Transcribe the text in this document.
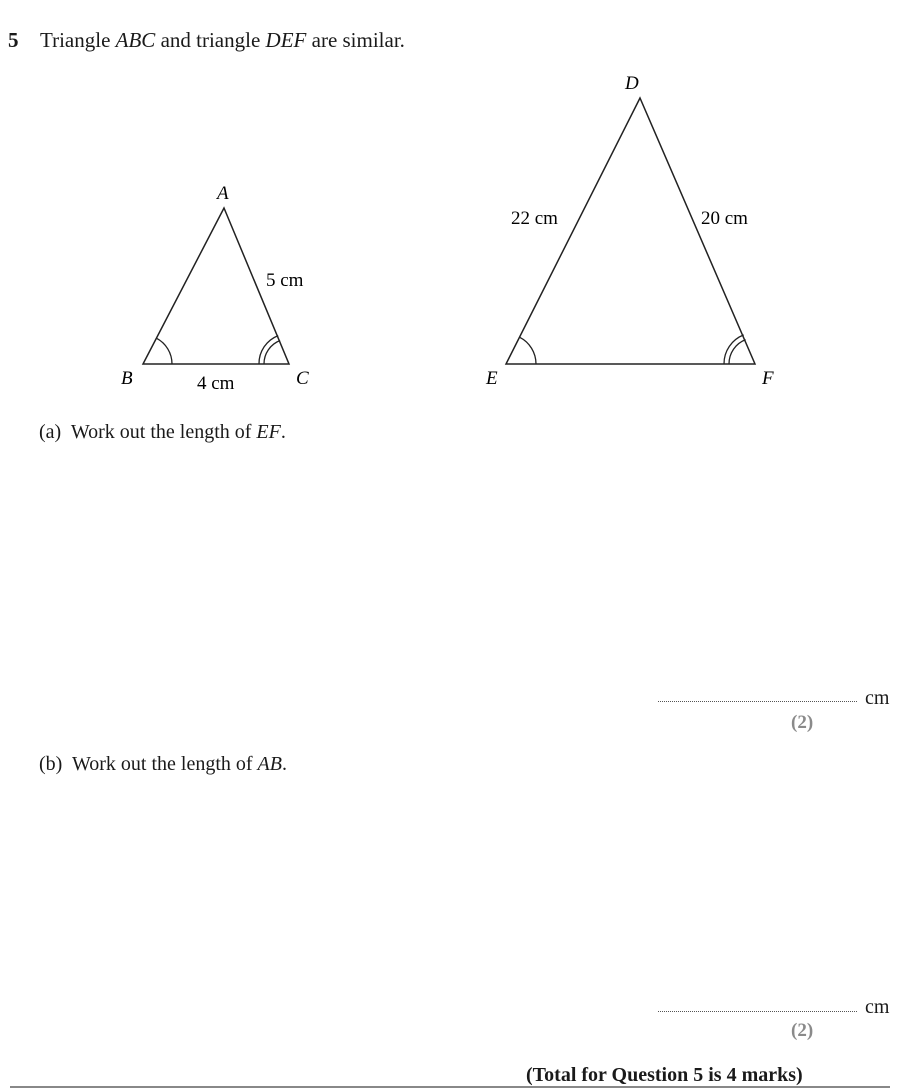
5 Triangle ABC and triangle DEF are similar.
A
B	C
D
E	F
5 cm
4 cm
22 cm	20 cm
(a) Work out the length of EF.
cm
(2)
(b) Work out the length of AB.
cm
(2)
(Total for Question 5 is 4 marks)
